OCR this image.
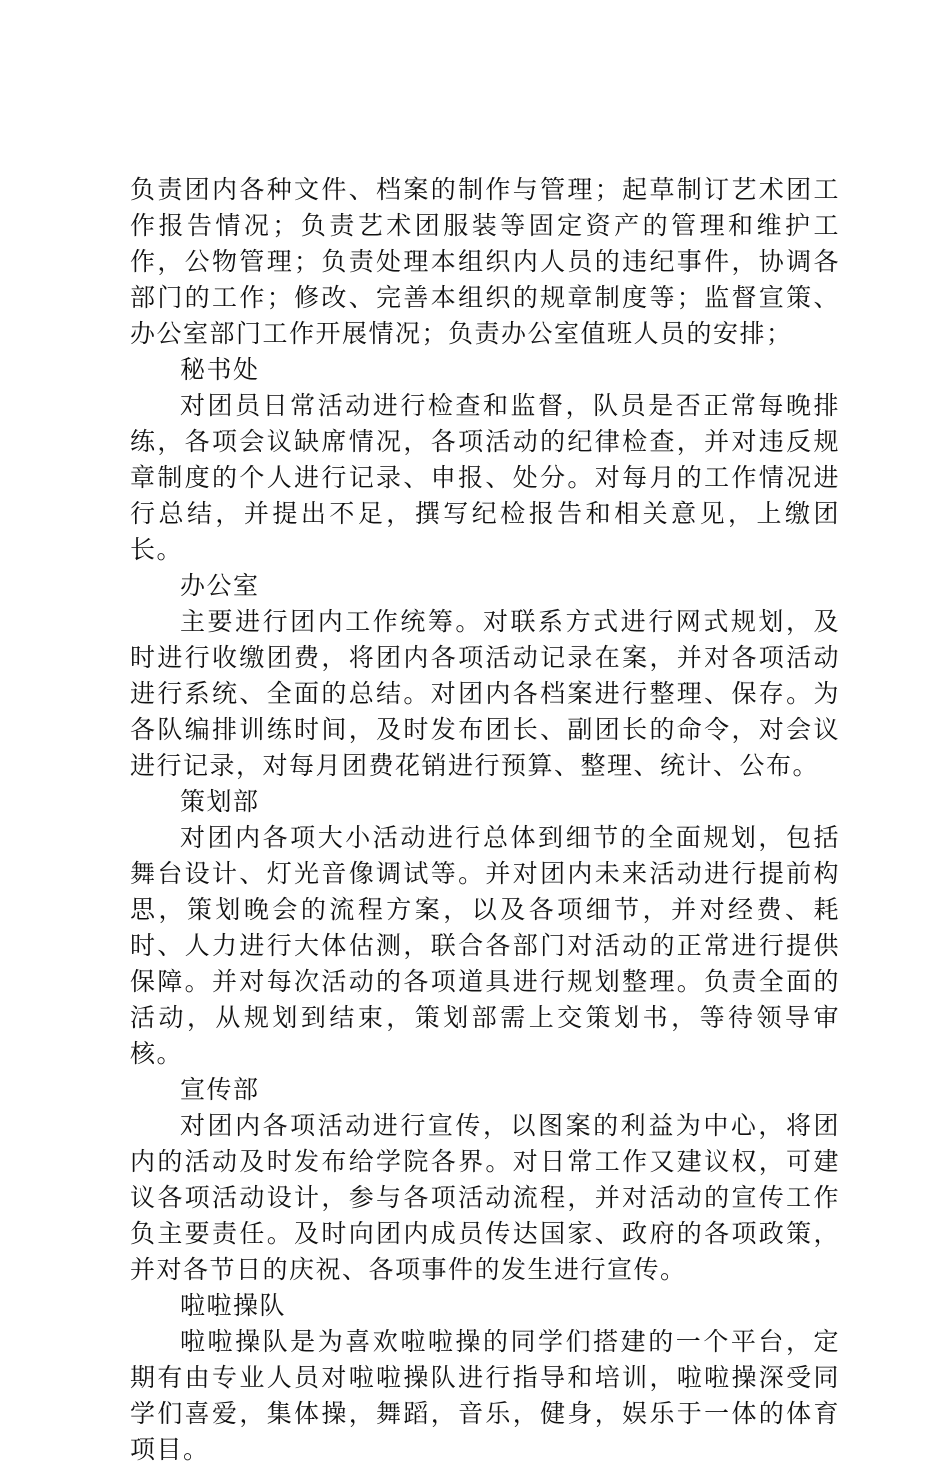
负责团内各种文件、档案的制作与管理；起草制订艺术团工作报告情况；负责艺术团服装等固定资产的管理和维护工作，公物管理；负责处理本组织内人员的违纪事件，协调各部门的工作；修改、完善本组织的规章制度等；监督宣策、办公室部门工作开展情况；负责办公室值班人员的安排；

秘书处

对团员日常活动进行检查和监督，队员是否正常每晚排练，各项会议缺席情况，各项活动的纪律检查，并对违反规章制度的个人进行记录、申报、处分。对每月的工作情况进行总结，并提出不足，撰写纪检报告和相关意见，上缴团长。

办公室

主要进行团内工作统筹。对联系方式进行网式规划，及时进行收缴团费，将团内各项活动记录在案，并对各项活动进行系统、全面的总结。对团内各档案进行整理、保存。为各队编排训练时间，及时发布团长、副团长的命令，对会议进行记录，对每月团费花销进行预算、整理、统计、公布。

策划部

对团内各项大小活动进行总体到细节的全面规划，包括舞台设计、灯光音像调试等。并对团内未来活动进行提前构思，策划晚会的流程方案，以及各项细节，并对经费、耗时、人力进行大体估测，联合各部门对活动的正常进行提供保障。并对每次活动的各项道具进行规划整理。负责全面的活动，从规划到结束，策划部需上交策划书，等待领导审核。

宣传部

对团内各项活动进行宣传，以图案的利益为中心，将团内的活动及时发布给学院各界。对日常工作又建议权，可建议各项活动设计，参与各项活动流程，并对活动的宣传工作负主要责任。及时向团内成员传达国家、政府的各项政策，并对各节日的庆祝、各项事件的发生进行宣传。

啦啦操队

啦啦操队是为喜欢啦啦操的同学们搭建的一个平台，定期有由专业人员对啦啦操队进行指导和培训，啦啦操深受同学们喜爱，集体操，舞蹈，音乐，健身，娱乐于一体的体育项目。
